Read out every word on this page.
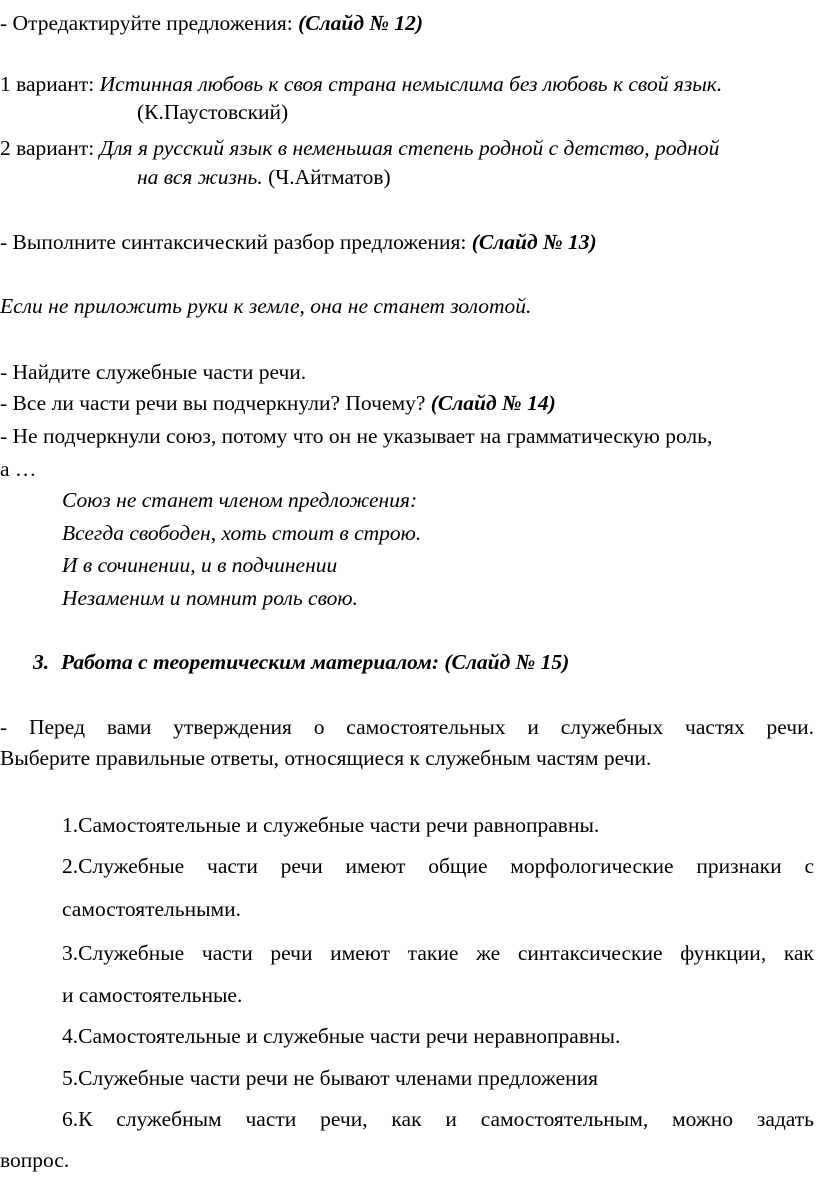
- Отредактируйте предложения: (Слайд № 12)
1 вариант: Истинная любовь к своя страна немыслима без любовь к свой язык.
(К.Паустовский)
2 вариант: Для я русский язык в неменьшая степень родной с детство, родной
на вся жизнь. (Ч.Айтматов)
- Выполните синтаксический разбор предложения: (Слайд № 13)
Если не приложить руки к земле, она не станет золотой.
- Найдите служебные части речи.
- Все ли части речи вы подчеркнули? Почему? (Слайд № 14)
- Не подчеркнули союз, потому что он не указывает на грамматическую роль,
а …
Союз не станет членом предложения:
Всегда свободен, хоть стоит в строю.
И в сочинении, и в подчинении
Незаменим и помнит роль свою.
3. Работа с теоретическим материалом: (Слайд № 15)
- Перед вами утверждения о самостоятельных и служебных частях речи.
Выберите правильные ответы, относящиеся к служебным частям речи.
1.Самостоятельные и служебные части речи равноправны.
2.Служебные части речи имеют общие морфологические признаки с
самостоятельными.
3.Служебные части речи имеют такие же синтаксические функции, как
и самостоятельные.
4.Самостоятельные и служебные части речи неравноправны.
5.Служебные части речи не бывают членами предложения
6.К служебным части речи, как и самостоятельным, можно задать
вопрос.
